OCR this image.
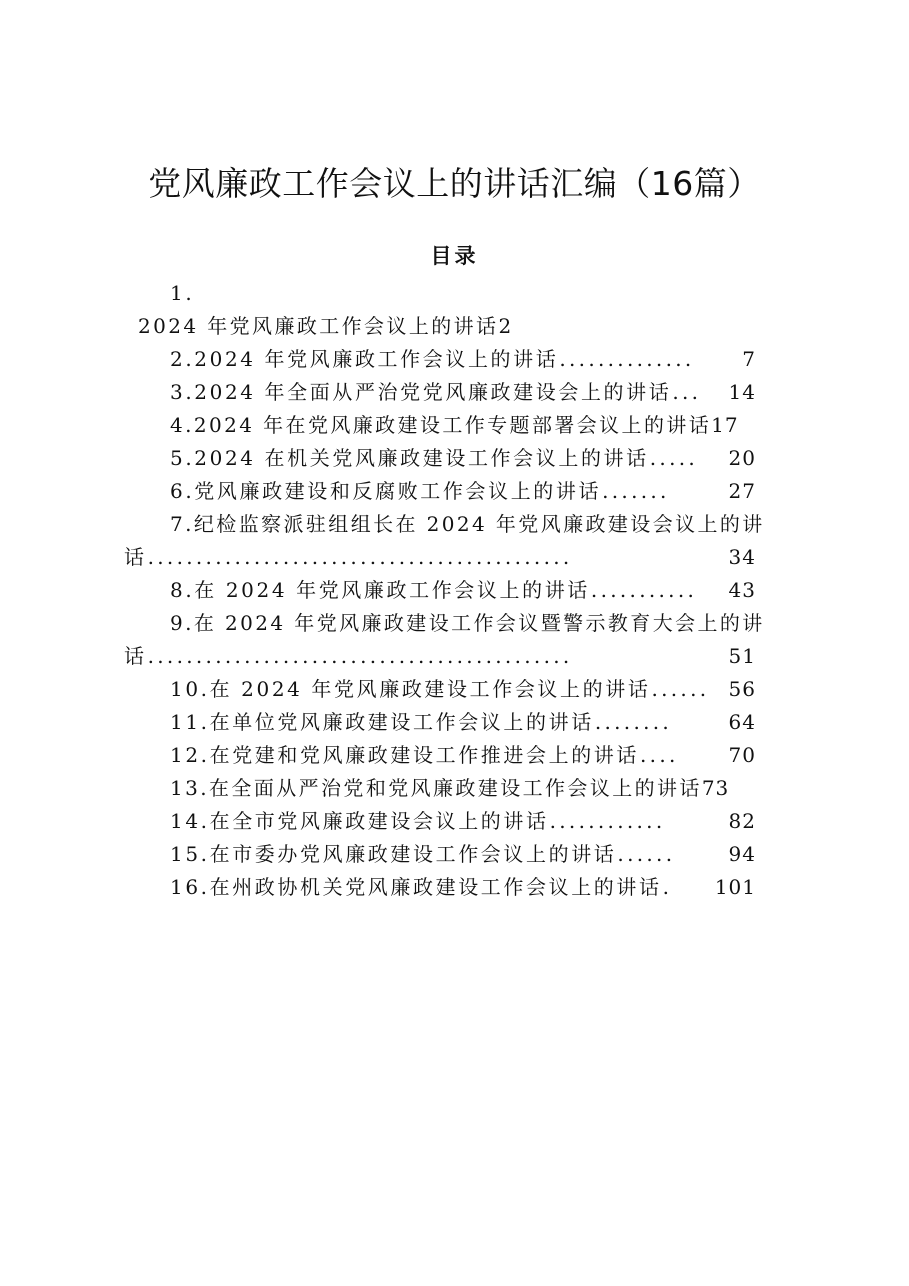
党风廉政工作会议上的讲话汇编（16篇）
目录
1.
2024 年党风廉政工作会议上的讲话 2
2. 2024 年党风廉政工作会议上的讲话 ..............	7
3. 2024 年全面从严治党党风廉政建设会上的讲话 ...	14
4. 2024 年在党风廉政建设工作专题部署会议上的讲话 17
5. 2024 在机关党风廉政建设工作会议上的讲话 .....	20
6. 党风廉政建设和反腐败工作会议上的讲话 .......	27
7. 纪检监察派驻组组长在 2024 年党风廉政建设会议上的讲
话 ............................................	34
8. 在 2024 年党风廉政工作会议上的讲话 ...........	43
9. 在 2024 年党风廉政建设工作会议暨警示教育大会上的讲
话 ............................................	51
10. 在 2024 年党风廉政建设工作会议上的讲话 ...... 56
11. 在单位党风廉政建设工作会议上的讲话 ........	64
12. 在党建和党风廉政建设工作推进会上的讲话 ....	70
13. 在全面从严治党和党风廉政建设工作会议上的讲话 73
14. 在全市党风廉政建设会议上的讲话 ............	82
15. 在市委办党风廉政建设工作会议上的讲话 ......	94
16. 在州政协机关党风廉政建设工作会议上的讲话 .	101
